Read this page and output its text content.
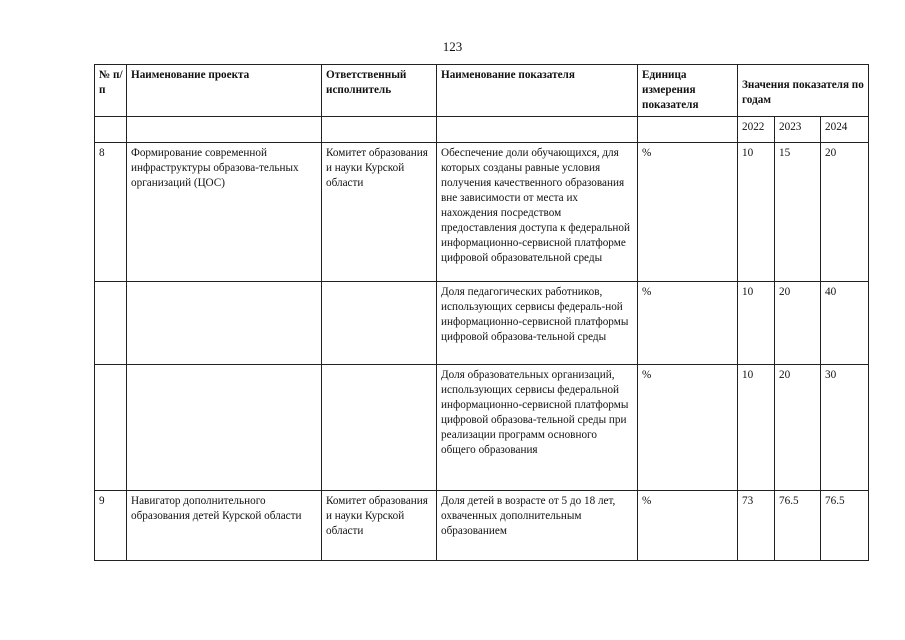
123
№ п/п	Наименование проекта	Ответственный исполнитель	Наименование показателя	Единица измерения показателя	Значения показателя по годам		
					2022	2023	2024
8	Формирование современной инфраструктуры образова-тельных организаций (ЦОС)	Комитет образования и науки Курской области	Обеспечение доли обучающихся, для которых созданы равные условия получения качественного образования вне зависимости от места их нахождения посредством предоставления доступа к федеральной информационно-сервисной платформе цифровой образовательной среды	%	10	15	20
			Доля педагогических работников, использующих сервисы федераль-ной информационно-сервисной платформы цифровой образова-тельной среды	%	10	20	40
			Доля образовательных организаций, использующих сервисы федеральной информационно-сервисной платформы цифровой образова-тельной среды при реализации программ основного общего образования	%	10	20	30
9	Навигатор дополнительного образования детей Курской области	Комитет образования и науки Курской области	Доля детей в возрасте от 5 до 18 лет, охваченных дополнительным образованием	%	73	76.5	76.5
